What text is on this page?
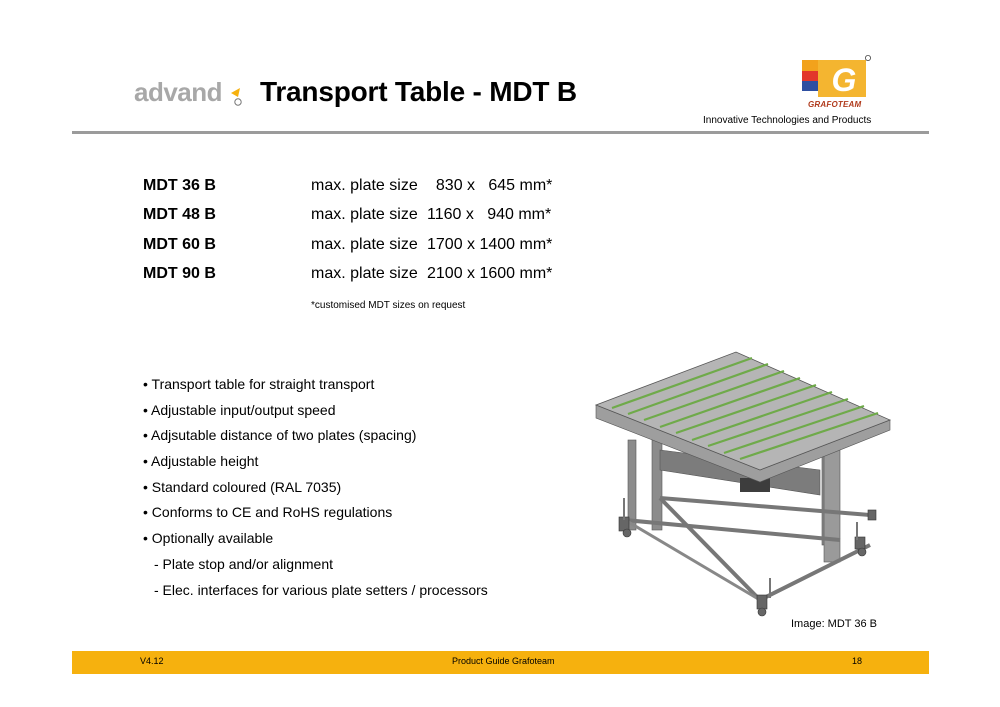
advand Transport Table - MDT B	G
GRAFOTEAM
Innovative Technologies and Products
MDT 36 B	max. plate size 830 x   645 mm*
MDT 48 B	max. plate size 1160 x   940 mm*
MDT 60 B	max. plate size 1700 x 1400 mm*
MDT 90 B	max. plate size 2100 x 1600 mm*
*customised MDT sizes on request
• Transport table for straight transport
• Adjustable input/output speed
• Adjsutable distance of two plates (spacing)
• Adjustable height
• Standard coloured (RAL 7035)
• Conforms to CE and RoHS regulations
• Optionally available
- Plate stop and/or alignment
- Elec. interfaces for various plate setters / processors
Image: MDT 36 B
V4.12	Product Guide Grafoteam	18
